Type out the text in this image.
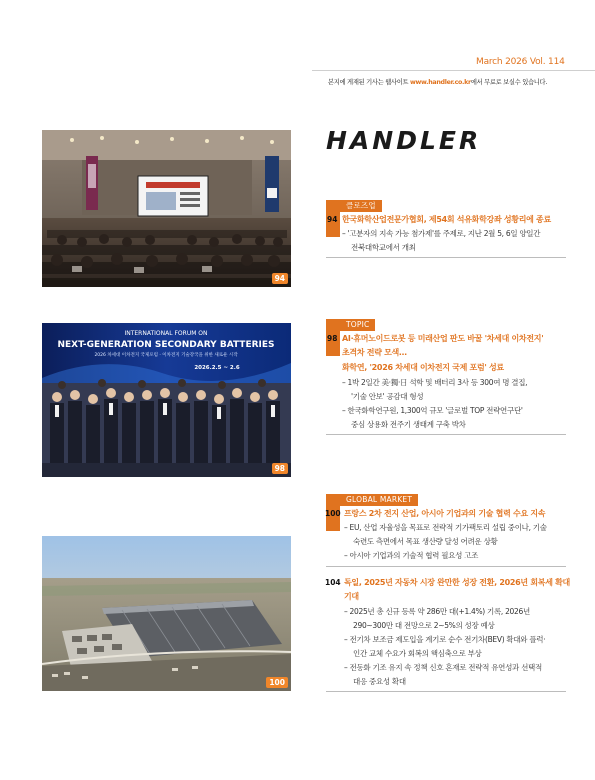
March 2026 Vol. 114
본지에 게재된 기사는 웹사이트 www.handler.co.kr에서 무료로 보실수 있습니다.
HANDLER
94
클로즈업
94 한국화학산업전문가협회, 제54회 석유화학강좌 성황리에 종료
– '고분자의 지속 가능 첨가제'를 주제로, 지난 2월 5, 6일 양일간
전북대학교에서 개최
INTERNATIONAL FORUM ON
NEXT-GENERATION SECONDARY BATTERIES
2026 차세대 이차전지 국제포럼 · 이차전지 기술강국을 위한 새로운 시작
2026.2.5 ~ 2.6
98
TOPIC
98 AI·휴머노이드로봇 등 미래산업 판도 바꿀 '차세대 이차전지'
초격차 전략 모색…
화학연, '2026 차세대 이차전지 국제 포럼' 성료
– 1박 2일간 美·獨·日 석학 및 배터리 3사 등 300여 명 결집,
'기술 안보' 공감대 형성
– 한국화학연구원, 1,300억 규모 '글로벌 TOP 전략연구단'
중심 상용화 전주기 생태계 구축 박차
100
GLOBAL MARKET
100 프랑스 2차 전지 산업, 아시아 기업과의 기술 협력 수요 지속
– EU, 산업 자율성을 목표로 전략적 기가팩토리 설립 중이나, 기술
숙련도 측면에서 목표 생산량 달성 어려운 상황
– 아시아 기업과의 기술적 협력 필요성 고조
104 독일, 2025년 자동차 시장 완만한 성장 전환, 2026년 회복세 확대
기대
– 2025년 총 신규 등록 약 286만 대(+1.4%) 기록, 2026년
290~300만 대 전망으로 2~5%의 성장 예상
– 전기차 보조금 제도입을 계기로 순수 전기차(BEV) 확대와 플럭·
인간 교체 수요가 회복의 핵심축으로 부상
– 전동화 기조 유지 속 정책 신호 혼재로 전략적 유연성과 선택적
대응 중요성 확대
